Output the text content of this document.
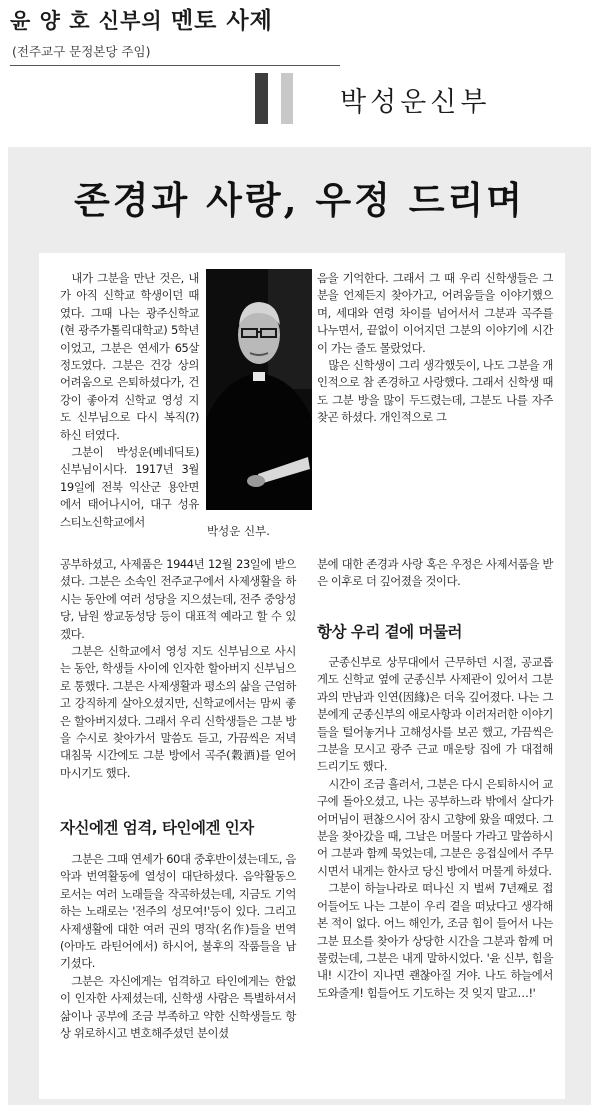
윤 양 호 신부의 멘토 사제
(전주교구 문정본당 주임)
박성운신부
존경과 사랑, 우정 드리며

내가 그분을 만난 것은, 내가 아직 신학교 학생이던 때였다. 그때 나는 광주신학교(현 광주가톨릭대학교) 5학년이었고, 그분은 연세가 65살 정도였다. 그분은 건강 상의 어려움으로 은퇴하셨다가, 건강이 좋아져 신학교 영성 지도 신부님으로 다시 복직(?)하신 터였다.

그분이 박성운(베네딕토) 신부님이시다. 1917년 3월 19일에 전북 익산군 용안면에서 태어나시어, 대구 성유스티노신학교에서

박성운 신부.

음을 기억한다. 그래서 그 때 우리 신학생들은 그분을 언제든지 찾아가고, 어려움들을 이야기했으며, 세대와 연령 차이를 넘어서서 그분과 곡주를 나누면서, 끝없이 이어지던 그분의 이야기에 시간이 가는 줄도 몰랐었다.

많은 신학생이 그리 생각했듯이, 나도 그분을 개인적으로 참 존경하고 사랑했다. 그래서 신학생 때도 그분 방을 많이 두드렸는데, 그분도 나를 자주 찾곤 하셨다. 개인적으로 그

공부하셨고, 사제품은 1944년 12월 23일에 받으셨다. 그분은 소속인 전주교구에서 사제생활을 하시는 동안에 여러 성당을 지으셨는데, 전주 중앙성당, 남원 쌍교동성당 등이 대표적 예라고 할 수 있겠다.

그분은 신학교에서 영성 지도 신부님으로 사시는 동안, 학생들 사이에 인자한 할아버지 신부님으로 통했다. 그분은 사제생활과 평소의 삶을 근엄하고 강직하게 살아오셨지만, 신학교에서는 맘씨 좋은 할아버지셨다. 그래서 우리 신학생들은 그분 방을 수시로 찾아가서 말씀도 듣고, 가끔씩은 저녁 대침묵 시간에도 그분 방에서 곡주(穀酒)를 얻어 마시기도 했다.

분에 대한 존경과 사랑 혹은 우정은 사제서품을 받은 이후로 더 깊어졌을 것이다.

자신에겐 엄격, 타인에겐 인자

그분은 그때 연세가 60대 중후반이셨는데도, 음악과 번역활동에 열성이 대단하셨다. 음악활동으로서는 여러 노래들을 작곡하셨는데, 지금도 기억하는 노래로는 '전주의 성모여!'등이 있다. 그리고 사제생활에 대한 여러 권의 명작(名作)들을 번역(아마도 라틴어에서) 하시어, 불후의 작품들을 남기셨다.

그분은 자신에게는 엄격하고 타인에게는 한없이 인자한 사제셨는데, 신학생 사람은 특별하셔서 삶이나 공부에 조금 부족하고 약한 신학생들도 항상 위로하시고 변호해주셨던 분이셨

항상 우리 곁에 머물러

군종신부로 상무대에서 근무하던 시절, 공교롭게도 신학교 옆에 군종신부 사제관이 있어서 그분과의 만남과 인연(因緣)은 더욱 깊어졌다. 나는 그분에게 군종신부의 애로사항과 이러저러한 이야기들을 털어놓거나 고해성사를 보곤 했고, 가끔씩은 그분을 모시고 광주 근교 매운탕 집에 가 대접해 드리기도 했다.

시간이 조금 흘러서, 그분은 다시 은퇴하시어 교구에 돌아오셨고, 나는 공부하느라 밖에서 살다가 어머님이 편찮으시어 잠시 고향에 왔을 때였다. 그분을 찾아갔을 때, 그날은 머물다 가라고 말씀하시어 그분과 함께 묵었는데, 그분은 응접실에서 주무시면서 내게는 한사코 당신 방에서 머물게 하셨다.

그분이 하늘나라로 떠나신 지 벌써 7년째로 접어들어도 나는 그분이 우리 곁을 떠났다고 생각해본 적이 없다. 어느 해인가, 조금 힘이 들어서 나는 그분 묘소를 찾아가 상당한 시간을 그분과 함께 머물렀는데, 그분은 내게 말하시었다. '윤 신부, 힘을 내! 시간이 지나면 괜찮아질 거야. 나도 하늘에서 도와줄게! 힘들어도 기도하는 것 잊지 말고…!'
